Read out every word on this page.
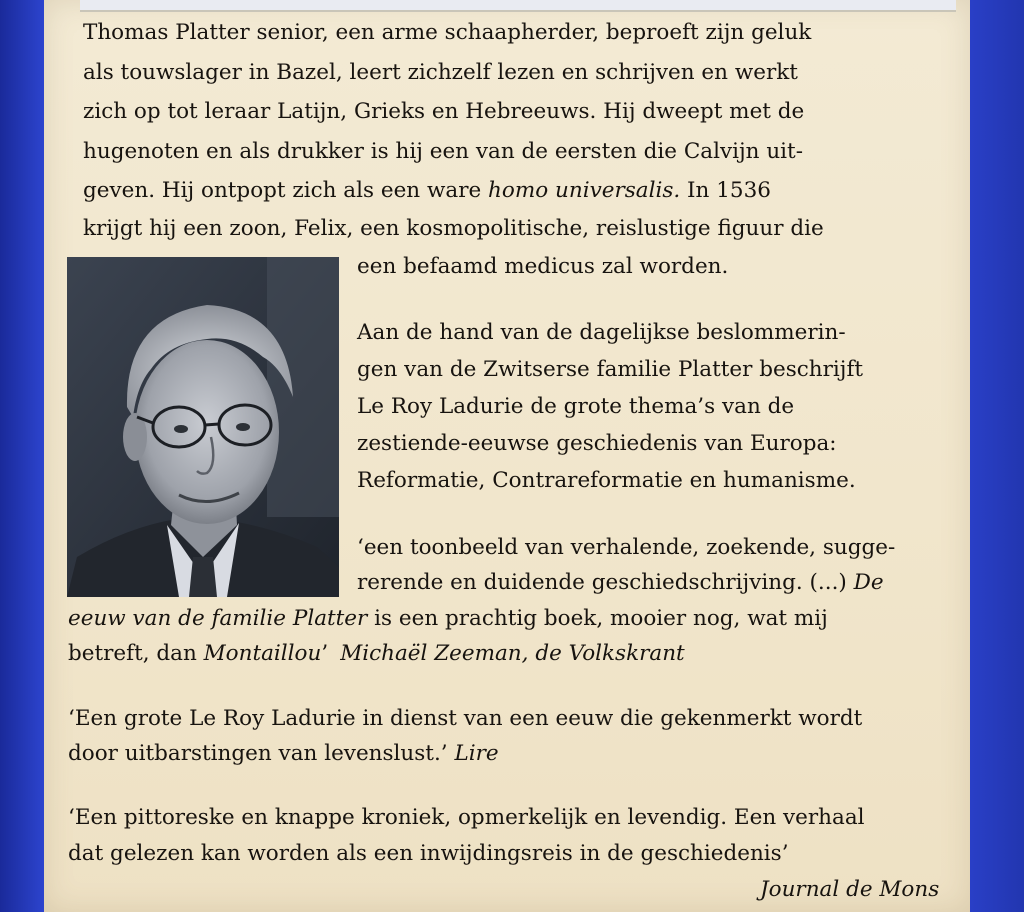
Thomas Platter senior, een arme schaapherder, beproeft zijn geluk

als touwslager in Bazel, leert zichzelf lezen en schrijven en werkt

zich op tot leraar Latijn, Grieks en Hebreeuws. Hij dweept met de

hugenoten en als drukker is hij een van de eersten die Calvijn uit-

geven. Hij ontpopt zich als een ware homo universalis. In 1536

krijgt hij een zoon, Felix, een kosmopolitische, reislustige figuur die

een befaamd medicus zal worden.

Aan de hand van de dagelijkse beslommerin-

gen van de Zwitserse familie Platter beschrijft

Le Roy Ladurie de grote thema’s van de

zestiende-eeuwse geschiedenis van Europa:

Reformatie, Contrareformatie en humanisme.

‘een toonbeeld van verhalende, zoekende, sugge-

rerende en duidende geschiedschrijving. (...) De

eeuw van de familie Platter is een prachtig boek, mooier nog, wat mij

betreft, dan Montaillou’ Michaël Zeeman, de Volkskrant

‘Een grote Le Roy Ladurie in dienst van een eeuw die gekenmerkt wordt

door uitbarstingen van levenslust.’ Lire

‘Een pittoreske en knappe kroniek, opmerkelijk en levendig. Een verhaal

dat gelezen kan worden als een inwijdingsreis in de geschiedenis’

Journal de Mons
